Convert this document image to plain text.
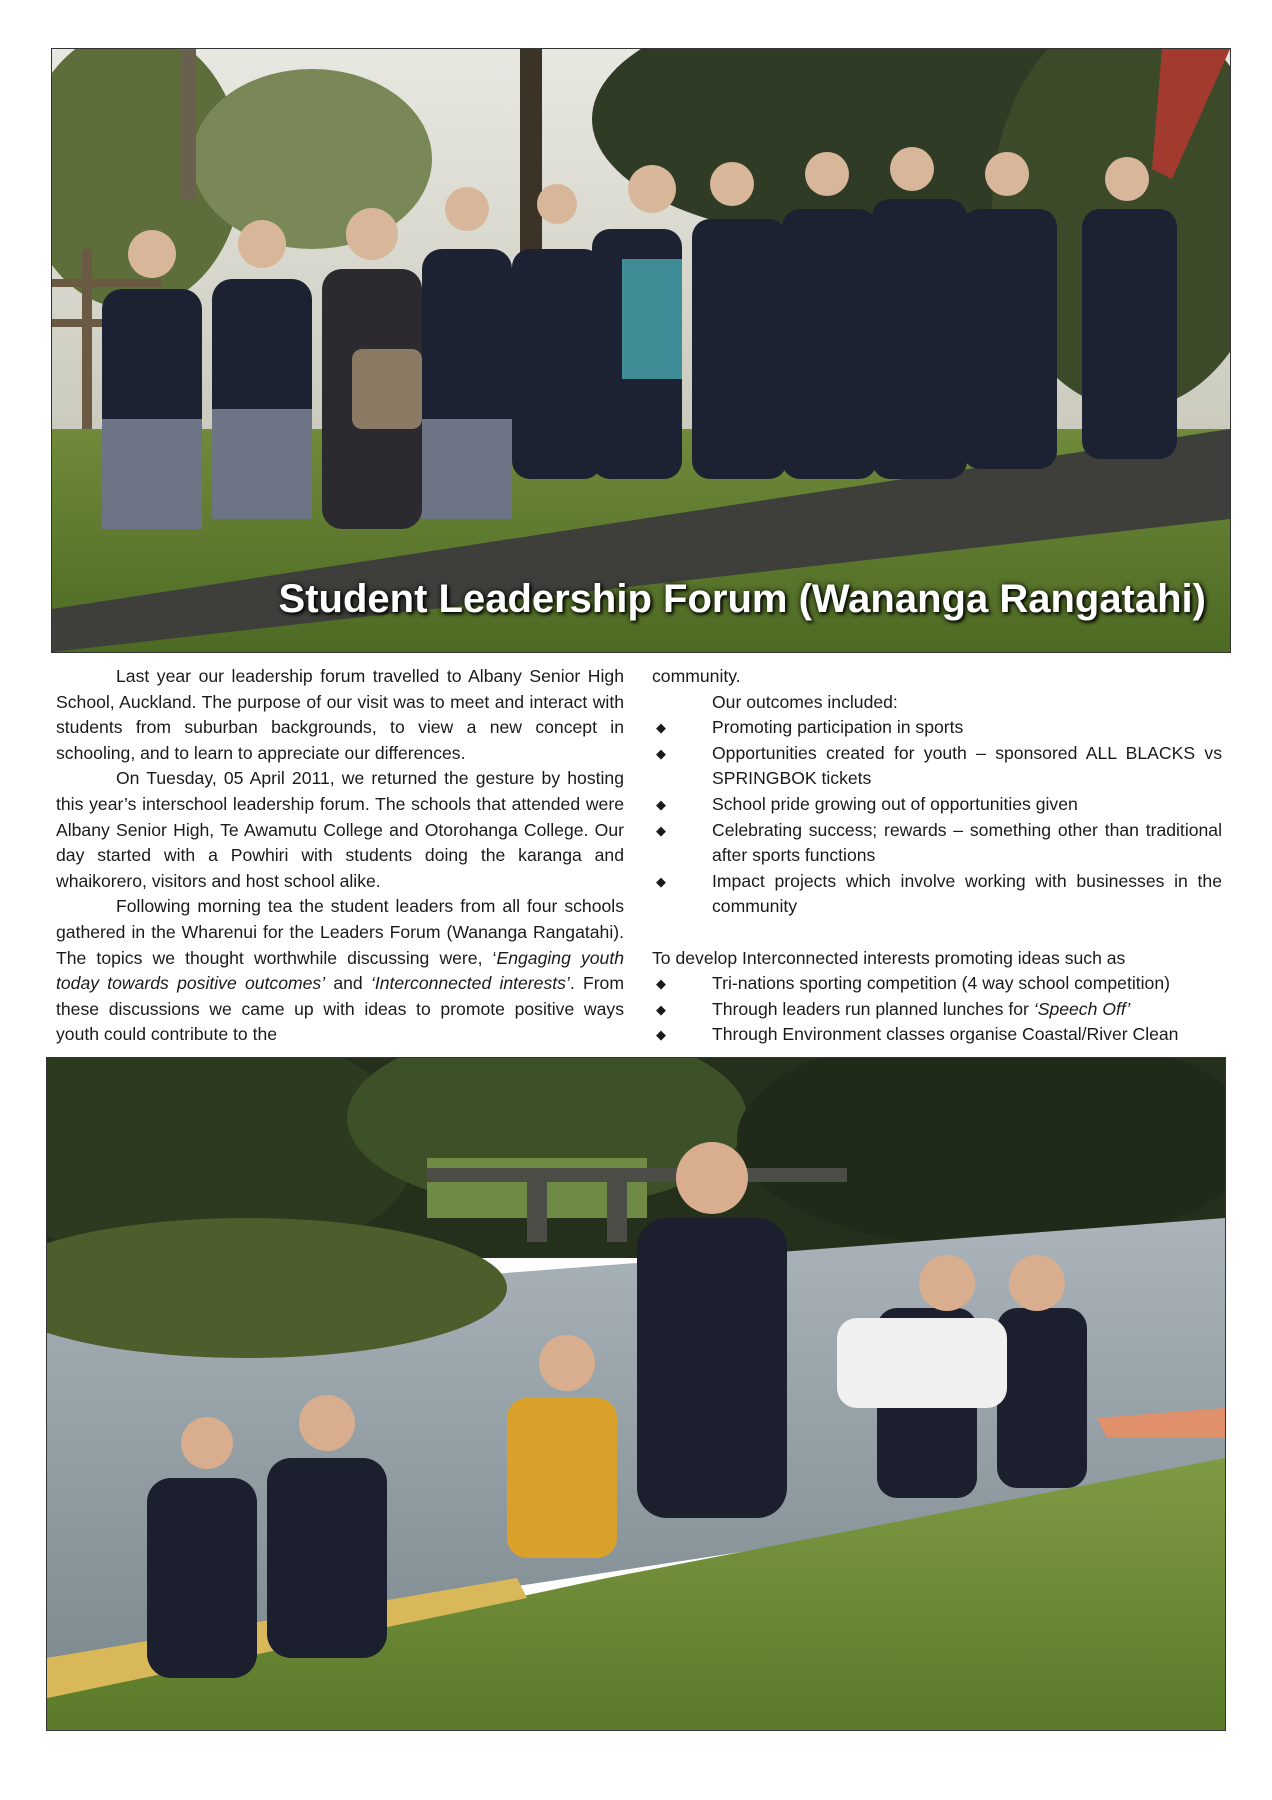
Student Leadership Forum (Wananga Rangatahi)

Last year our leadership forum travelled to Albany Senior High School, Auckland. The purpose of our visit was to meet and interact with students from suburban backgrounds, to view a new concept in schooling, and to learn to appreciate our differences.

On Tuesday, 05 April 2011, we returned the gesture by hosting this year’s interschool leadership forum. The schools that attended were Albany Senior High, Te Awamutu College and Otorohanga College. Our day started with a Powhiri with students doing the karanga and whaikorero, visitors and host school alike.

Following morning tea the student leaders from all four schools gathered in the Wharenui for the Leaders Forum (Wananga Rangatahi). The topics we thought worthwhile discussing were, ‘Engaging youth today towards positive outcomes’ and ‘Interconnected interests’. From these discussions we came up with ideas to promote positive ways youth could contribute to the

community.

Our outcomes included:

◆	Promoting participation in sports
◆	Opportunities created for youth – sponsored ALL BLACKS vs SPRINGBOK tickets
◆	School pride growing out of opportunities given
◆	Celebrating success; rewards – something other than traditional after sports functions
◆	Impact projects which involve working with businesses in the community

To develop Interconnected interests promoting ideas such as

◆	Tri-nations sporting competition (4 way school competition)
◆	Through leaders run planned lunches for ‘Speech Off’
◆	Through Environment classes organise Coastal/River Clean
